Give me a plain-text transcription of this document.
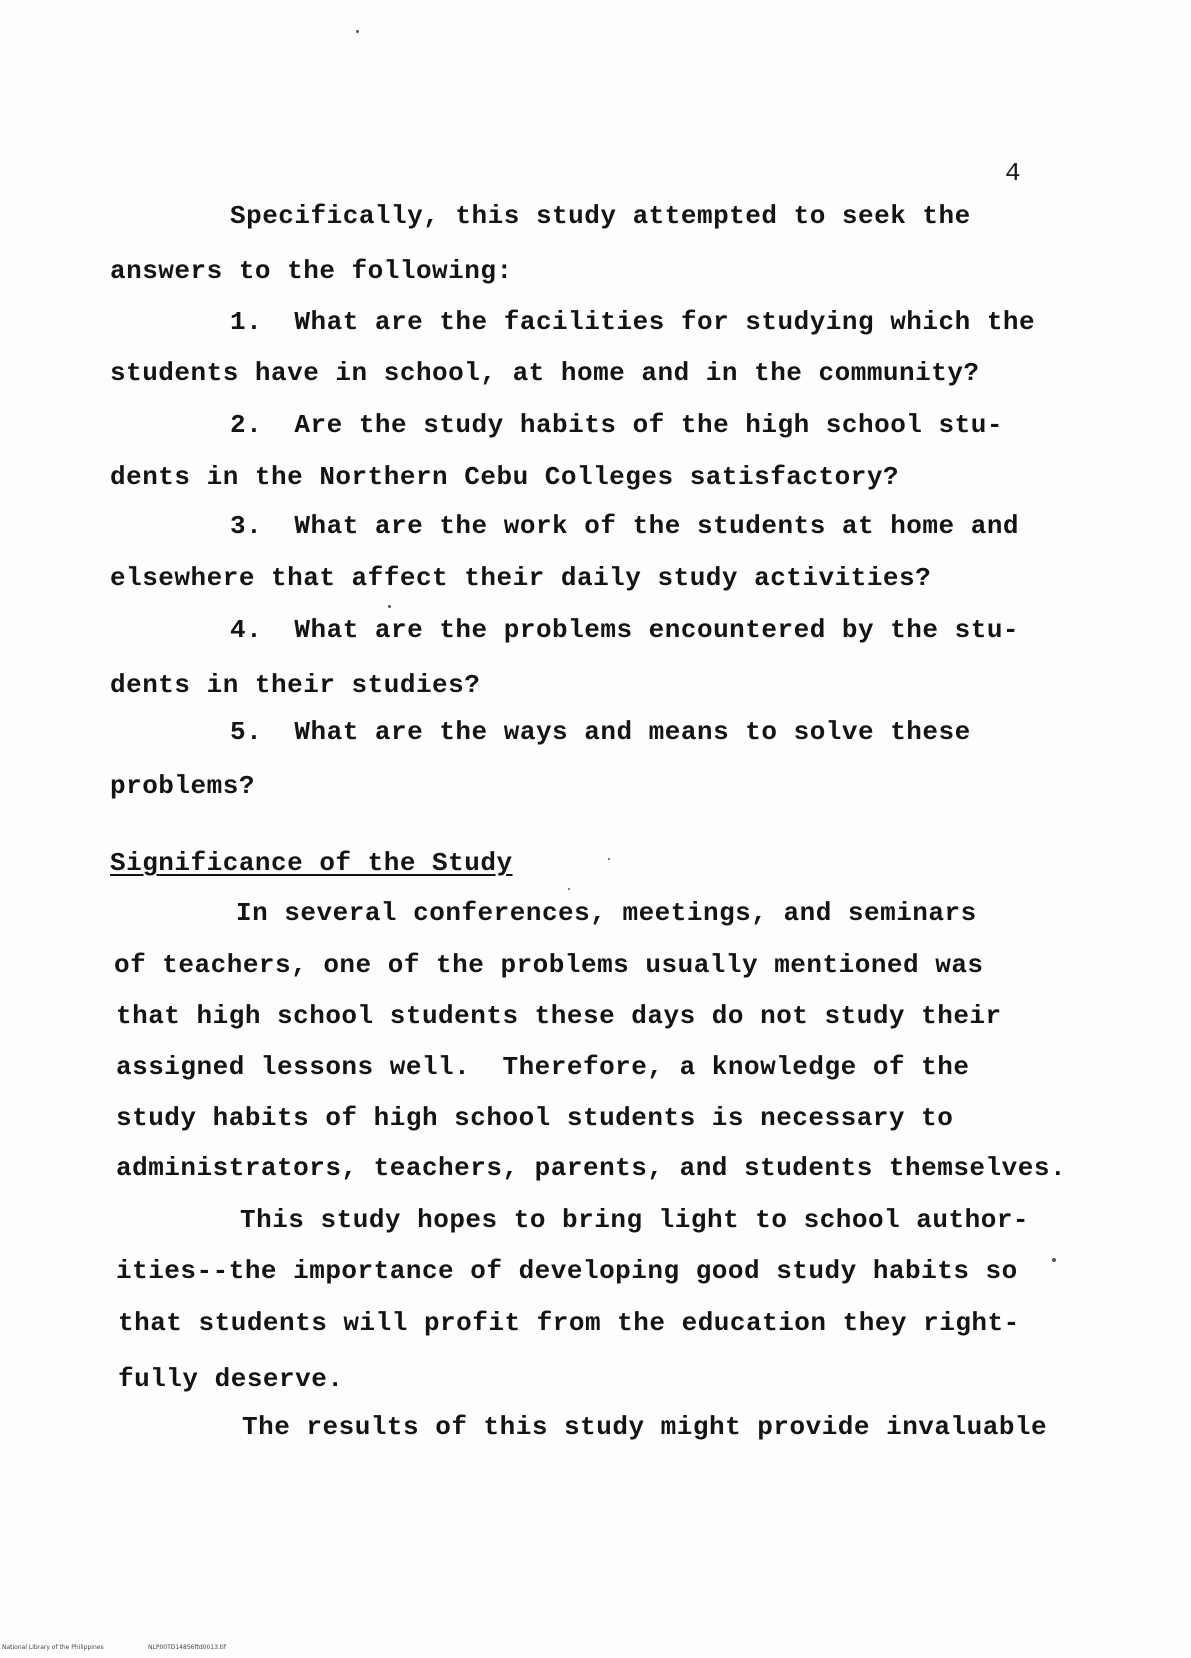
4

Specifically, this study attempted to seek the

answers to the following:

1.  What are the facilities for studying which the

students have in school, at home and in the community?

2.  Are the study habits of the high school stu-

dents in the Northern Cebu Colleges satisfactory?

3.  What are the work of the students at home and

elsewhere that affect their daily study activities?

4.  What are the problems encountered by the stu-

dents in their studies?

5.  What are the ways and means to solve these

problems?

Significance of the Study

In several conferences, meetings, and seminars

of teachers, one of the problems usually mentioned was

that high school students these days do not study their

assigned lessons well.  Therefore, a knowledge of the

study habits of high school students is necessary to

administrators, teachers, parents, and students themselves.

This study hopes to bring light to school author-

ities--the importance of developing good study habits so

that students will profit from the education they right-

fully deserve.

The results of this study might provide invaluable

National Library of the Philippines	NLP00TD14856ftd0013.tif
